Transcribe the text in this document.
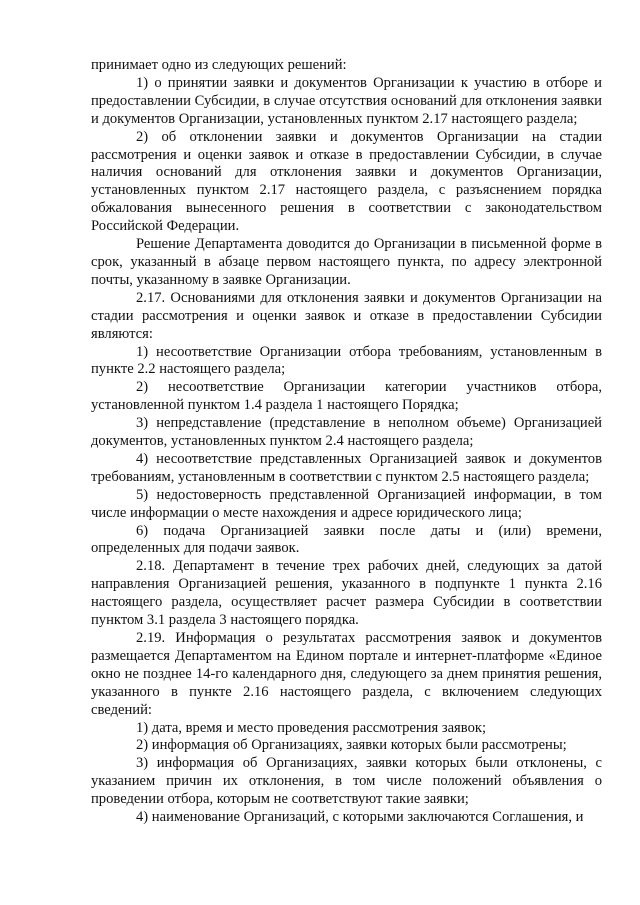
принимает одно из следующих решений:

1) о принятии заявки и документов Организации к участию в отборе и предоставлении Субсидии, в случае отсутствия оснований для отклонения заявки и документов Организации, установленных пунктом 2.17 настоящего раздела;

2) об отклонении заявки и документов Организации на стадии рассмотрения и оценки заявок и отказе в предоставлении Субсидии, в случае наличия оснований для отклонения заявки и документов Организации, установленных пунктом 2.17 настоящего раздела, с разъяснением порядка обжалования вынесенного решения в соответствии с законодательством Российской Федерации.

Решение Департамента доводится до Организации в письменной форме в срок, указанный в абзаце первом настоящего пункта, по адресу электронной почты, указанному в заявке Организации.

2.17. Основаниями для отклонения заявки и документов Организации на стадии рассмотрения и оценки заявок и отказе в предоставлении Субсидии являются:

1) несоответствие Организации отбора требованиям, установленным в пункте 2.2 настоящего раздела;

2) несоответствие Организации категории участников отбора, установленной пунктом 1.4 раздела 1 настоящего Порядка;

3) непредставление (представление в неполном объеме) Организацией документов, установленных пунктом 2.4 настоящего раздела;

4) несоответствие представленных Организацией заявок и документов требованиям, установленным в соответствии с пунктом 2.5 настоящего раздела;

5) недостоверность представленной Организацией информации, в том числе информации о месте нахождения и адресе юридического лица;

6) подача Организацией заявки после даты и (или) времени, определенных для подачи заявок.

2.18. Департамент в течение трех рабочих дней, следующих за датой направления Организацией решения, указанного в подпункте 1 пункта 2.16 настоящего раздела, осуществляет расчет размера Субсидии в соответствии пунктом 3.1 раздела 3 настоящего порядка.

2.19. Информация о результатах рассмотрения заявок и документов размещается Департаментом на Едином портале и интернет-платформе «Единое окно не позднее 14-го календарного дня, следующего за днем принятия решения, указанного в пункте 2.16 настоящего раздела, с включением следующих сведений:

1) дата, время и место проведения рассмотрения заявок;

2) информация об Организациях, заявки которых были рассмотрены;

3) информация об Организациях, заявки которых были отклонены, с указанием причин их отклонения, в том числе положений объявления о проведении отбора, которым не соответствуют такие заявки;

4) наименование Организаций, с которыми заключаются Соглашения, и
